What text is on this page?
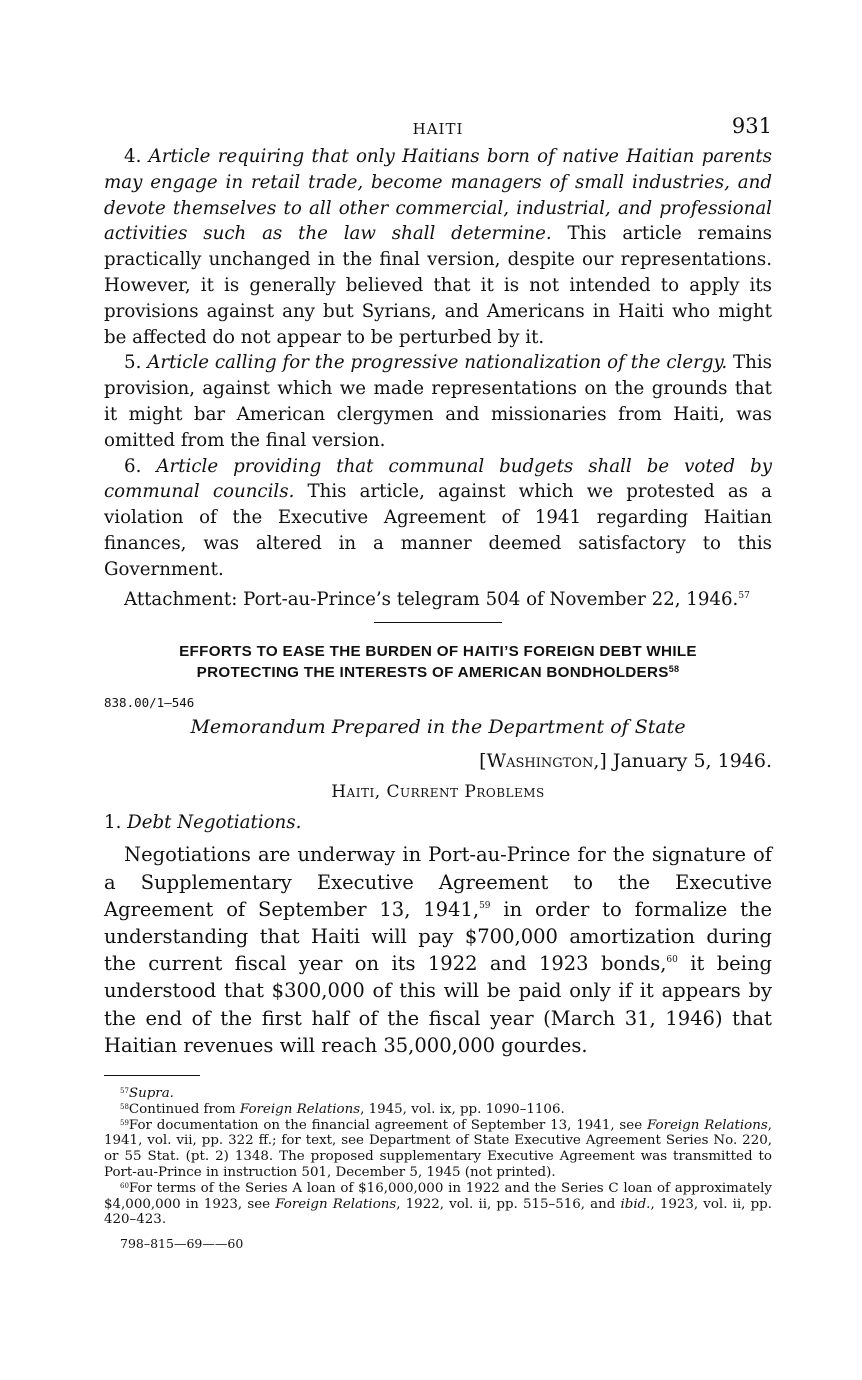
HAITI	931

4. Article requiring that only Haitians born of native Haitian parents may engage in retail trade, become managers of small industries, and devote themselves to all other commercial, industrial, and professional activities such as the law shall determine. This article remains practically unchanged in the final version, despite our representations. However, it is generally believed that it is not intended to apply its provisions against any but Syrians, and Americans in Haiti who might be affected do not appear to be perturbed by it.

5. Article calling for the progressive nationalization of the clergy. This provision, against which we made representations on the grounds that it might bar American clergymen and missionaries from Haiti, was omitted from the final version.

6. Article providing that communal budgets shall be voted by communal councils. This article, against which we protested as a violation of the Executive Agreement of 1941 regarding Haitian finances, was altered in a manner deemed satisfactory to this Government.

Attachment: Port-au-Prince’s telegram 504 of November 22, 1946.57

EFFORTS TO EASE THE BURDEN OF HAITI’S FOREIGN DEBT WHILE
PROTECTING THE INTERESTS OF AMERICAN BONDHOLDERS$^{58}$
838.00/1–546
Memorandum Prepared in the Department of State
[Washington,] January 5, 1946.
Haiti, Current Problems
1. Debt Negotiations.

Negotiations are underway in Port-au-Prince for the signature of a Supplementary Executive Agreement to the Executive Agreement of September 13, 1941,59 in order to formalize the understanding that Haiti will pay $700,000 amortization during the current fiscal year on its 1922 and 1923 bonds,$^{60}$ it being understood that $300,000 of this will be paid only if it appears by the end of the first half of the fiscal year (March 31, 1946) that Haitian revenues will reach 35,000,000 gourdes.

$^{57}$Supra.

$^{58}$Continued from Foreign Relations, 1945, vol. ix, pp. 1090–1106.

$^{59}$For documentation on the financial agreement of September 13, 1941, see Foreign Relations, 1941, vol. vii, pp. 322 ff.; for text, see Department of State Executive Agreement Series No. 220, or 55 Stat. (pt. 2) 1348. The proposed supplementary Executive Agreement was transmitted to Port-au-Prince in instruction 501, December 5, 1945 (not printed).

$^{60}$For terms of the Series A loan of $16,000,000 in 1922 and the Series C loan of approximately $4,000,000 in 1923, see Foreign Relations, 1922, vol. ii, pp. 515–516, and ibid., 1923, vol. ii, pp. 420–423.

798–815—69——60
